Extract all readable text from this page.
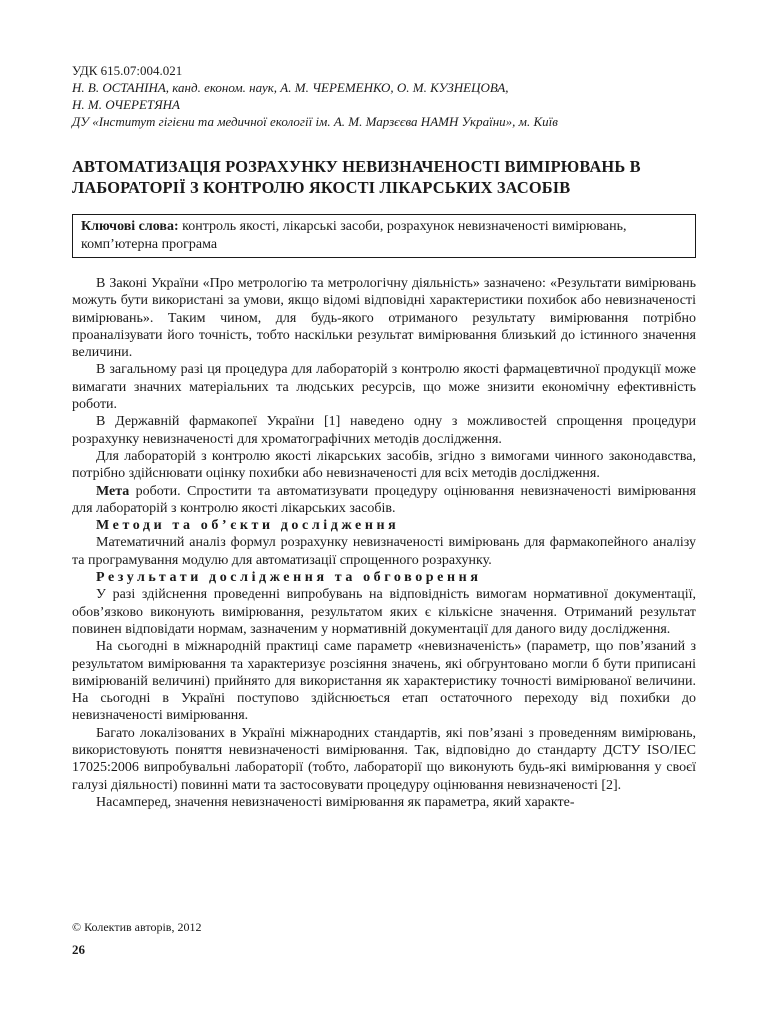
УДК 615.07:004.021
Н. В. ОСТАНІНА, канд. економ. наук, А. М. ЧЕРЕМЕНКО, О. М. КУЗНЕЦОВА,
Н. М. ОЧЕРЕТЯНА
ДУ «Інститут гігієни та медичної екології ім. А. М. Марзєєва НАМН України», м. Київ
АВТОМАТИЗАЦІЯ РОЗРАХУНКУ НЕВИЗНАЧЕНОСТІ ВИМІРЮВАНЬ В ЛАБОРАТОРІЇ З КОНТРОЛЮ ЯКОСТІ ЛІКАРСЬКИХ ЗАСОБІВ
Ключові слова: контроль якості, лікарські засоби, розрахунок невизначеності вимірювань, комп’ютерна програма

В Законі України «Про метрологію та метрологічну діяльність» зазначено: «Результати вимірювань можуть бути використані за умови, якщо відомі відповідні характеристики похибок або невизначеності вимірювань». Таким чином, для будь-якого отриманого результату вимірювання потрібно проаналізувати його точність, тобто наскільки результат вимірювання близький до істинного значення величини.

В загальному разі ця процедура для лабораторій з контролю якості фармацевтичної продукції може вимагати значних матеріальних та людських ресурсів, що може знизити економічну ефективність роботи.

В Державній фармакопеї України [1] наведено одну з можливостей спрощення процедури розрахунку невизначеності для хроматографічних методів дослідження.

Для лабораторій з контролю якості лікарських засобів, згідно з вимогами чинного законодавства, потрібно здійснювати оцінку похибки або невизначеності для всіх методів дослідження.

Мета роботи. Спростити та автоматизувати процедуру оцінювання невизначеності вимірювання для лабораторій з контролю якості лікарських засобів.

Методи та об’єкти дослідження

Математичний аналіз формул розрахунку невизначеності вимірювань для фармакопейного аналізу та програмування модулю для автоматизації спрощенного розрахунку.

Результати дослідження та обговорення

У разі здійснення проведенні випробувань на відповідність вимогам нормативної документації, обов’язково виконують вимірювання, результатом яких є кількісне значення. Отриманий результат повинен відповідати нормам, зазначеним у нормативній документації для даного виду дослідження.

На сьогодні в міжнародній практиці саме параметр «невизначеність» (параметр, що пов’язаний з результатом вимірювання та характеризує розсіяння значень, які обгрунтовано могли б бути приписані вимірюваній величині) прийнято для використання як характеристику точності вимірюваної величини. На сьогодні в Україні поступово здійснюється етап остаточного переходу від похибки до невизначеності вимірювання.

Багато локалізованих в Україні міжнародних стандартів, які пов’язані з проведенням вимірювань, використовують поняття невизначеності вимірювання. Так, відповідно до стандарту ДСТУ ISO/IEC 17025:2006 випробувальні лабораторії (тобто, лабораторії що виконують будь-які вимірювання у своєї галузі діяльності) повинні мати та застосовувати процедуру оцінювання невизначеності [2].

Насамперед, значення невизначеності вимірювання як параметра, який характе-

© Колектив авторів, 2012
26
